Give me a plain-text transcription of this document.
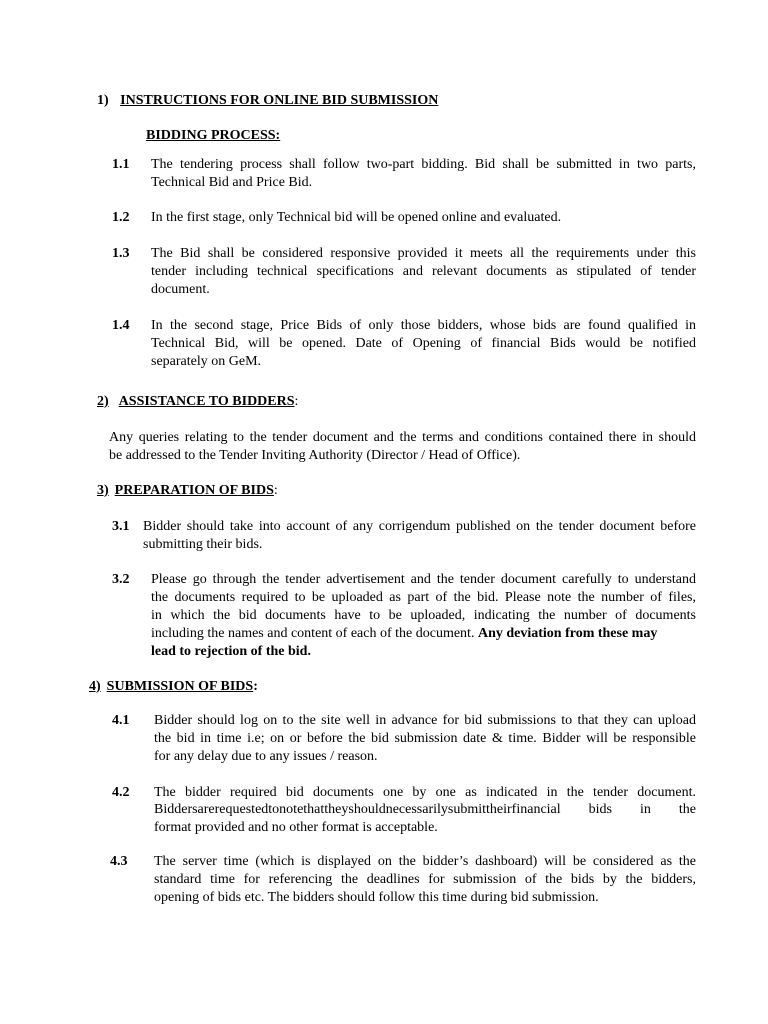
1) INSTRUCTIONS FOR ONLINE BID SUBMISSION
BIDDING PROCESS:
1.1 The tendering process shall follow two-part bidding. Bid shall be submitted in two parts,
Technical Bid and Price Bid.
1.2 In the first stage, only Technical bid will be opened online and evaluated.
1.3 The Bid shall be considered responsive provided it meets all the requirements under this
tender including technical specifications and relevant documents as stipulated of tender
document.
1.4 In the second stage, Price Bids of only those bidders, whose bids are found qualified in
Technical Bid, will be opened. Date of Opening of financial Bids would be notified
separately on GeM.
2) ASSISTANCE TO BIDDERS:
Any queries relating to the tender document and the terms and conditions contained there in should
be addressed to the Tender Inviting Authority (Director / Head of Office).
3) PREPARATION OF BIDS:
3.1 Bidder should take into account of any corrigendum published on the tender document before
submitting their bids.
3.2 Please go through the tender advertisement and the tender document carefully to understand
the documents required to be uploaded as part of the bid. Please note the number of files,
in which the bid documents have to be uploaded, indicating the number of documents
including the names and content of each of the document. Any deviation from these may
lead to rejection of the bid.
4) SUBMISSION OF BIDS:
4.1 Bidder should log on to the site well in advance for bid submissions to that they can upload
the bid in time i.e; on or before the bid submission date & time. Bidder will be responsible
for any delay due to any issues / reason.
4.2 The bidder required bid documents one by one as indicated in the tender document.
Biddersarerequestedtonotethattheyshouldnecessarilysubmittheirfinancial bids in the
format provided and no other format is acceptable.
4.3 The server time (which is displayed on the bidder’s dashboard) will be considered as the
standard time for referencing the deadlines for submission of the bids by the bidders,
opening of bids etc. The bidders should follow this time during bid submission.
